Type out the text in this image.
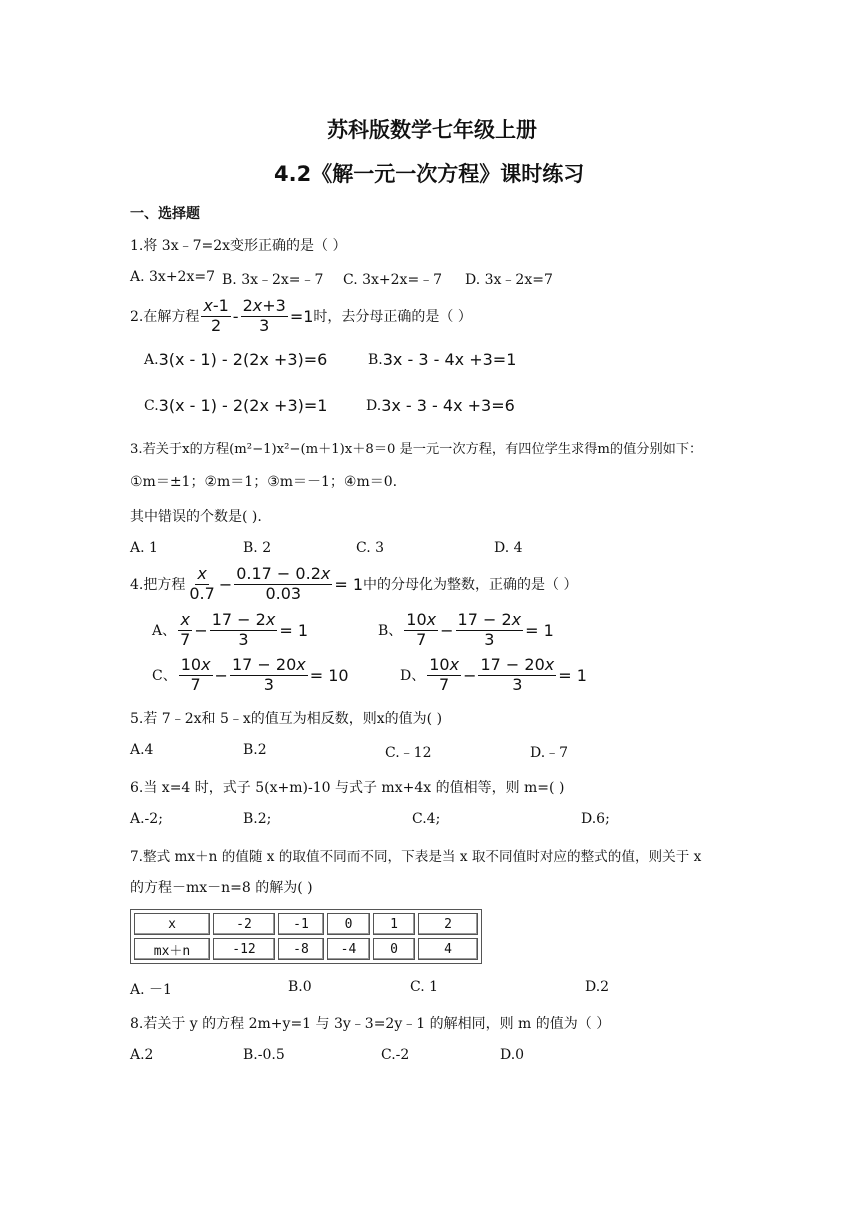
苏科版数学七年级上册
4.2《解一元一次方程》课时练习
一、选择题
1.将 3x﹣7=2x变形正确的是（ ）
A. 3x+2x=7 B. 3x﹣2x=﹣7 C. 3x+2x=﹣7 D. 3x﹣2x=7
2.在解方程 $\frac{x-1}{2} - \frac{2x+3}{3} =1$ 时，去分母正确的是（ ）
A. 3(x - 1) - 2(2x +3)=6	B. 3x - 3 - 4x +3=1
C. 3(x - 1) - 2(2x +3)=1	D. 3x - 3 - 4x +3=6
3.若关于x的方程(m²−1)x²−(m＋1)x＋8＝0 是一元一次方程，有四位学生求得m的值分别如下：
①m＝±1；②m＝1；③m＝－1；④m＝0.
其中错误的个数是( ).
A. 1	B. 2	C. 3	D. 4
4.把方程 $\frac{x}{0.7} - \frac{0.17 - 0.2x}{0.03} = 1$ 中的分母化为整数，正确的是（ ）
A、 $\frac{x}{7} - \frac{17 - 2x}{3} = 1$	B、 $\frac{10x}{7} - \frac{17 - 2x}{3} = 1$
C、 $\frac{10x}{7} - \frac{17 - 20x}{3} = 10$	D、 $\frac{10x}{7} - \frac{17 - 20x}{3} = 1$
5.若 7﹣2x和 5﹣x的值互为相反数，则x的值为( )
A.4	B.2	C.﹣12	D.﹣7
6.当 x=4 时，式子 5(x+m)-10 与式子 mx+4x 的值相等，则 m=( )
A.-2;	B.2;	C.4;	D.6;
7.整式 mx＋n 的值随 x 的取值不同而不同，下表是当 x 取不同值时对应的整式的值，则关于 x
的方程－mx－n=8 的解为( )
x	-2	-1	0	1	2
mx＋n	-12	-8	-4	0	4
A. －1	B.0	C. 1	D.2
8.若关于 y 的方程 2m+y=1 与 3y﹣3=2y﹣1 的解相同，则 m 的值为（ ）
A.2	B.-0.5	C.-2	D.0
